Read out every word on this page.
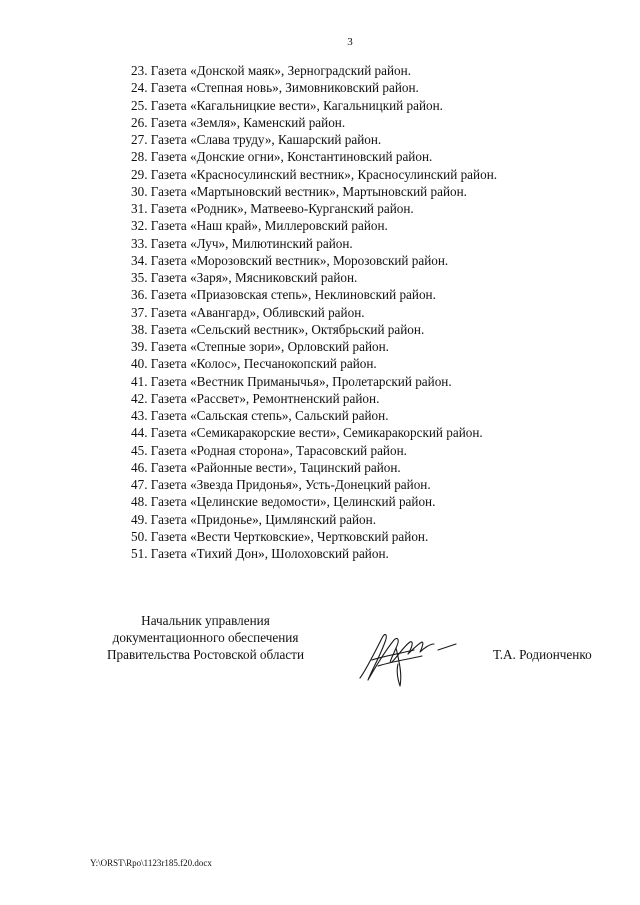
3
23. Газета «Донской маяк», Зерноградский район.
24. Газета «Степная новь», Зимовниковский район.
25. Газета «Кагальницкие вести», Кагальницкий район.
26. Газета «Земля», Каменский район.
27. Газета «Слава труду», Кашарский район.
28. Газета «Донские огни», Константиновский район.
29. Газета «Красносулинский вестник», Красносулинский район.
30. Газета «Мартыновский вестник», Мартыновский район.
31. Газета «Родник», Матвеево-Курганский район.
32. Газета «Наш край», Миллеровский район.
33. Газета «Луч», Милютинский район.
34. Газета «Морозовский вестник», Морозовский район.
35. Газета «Заря», Мясниковский район.
36. Газета «Приазовская степь», Неклиновский район.
37. Газета «Авангард», Обливский район.
38. Газета «Сельский вестник», Октябрьский район.
39. Газета «Степные зори», Орловский район.
40. Газета «Колос», Песчанокопский район.
41. Газета «Вестник Приманычья», Пролетарский район.
42. Газета «Рассвет», Ремонтненский район.
43. Газета «Сальская степь», Сальский район.
44. Газета «Семикаракорские вести», Семикаракорский район.
45. Газета «Родная сторона», Тарасовский район.
46. Газета «Районные вести», Тацинский район.
47. Газета «Звезда Придонья», Усть-Донецкий район.
48. Газета «Целинские ведомости», Целинский район.
49. Газета «Придонье», Цимлянский район.
50. Газета «Вести Чертковские», Чертковский район.
51. Газета «Тихий Дон», Шолоховский район.
Начальник управления
документационного обеспечения
Правительства Ростовской области	Т.А. Родионченко
Y:\ORST\Rpo\1123r185.f20.docx
